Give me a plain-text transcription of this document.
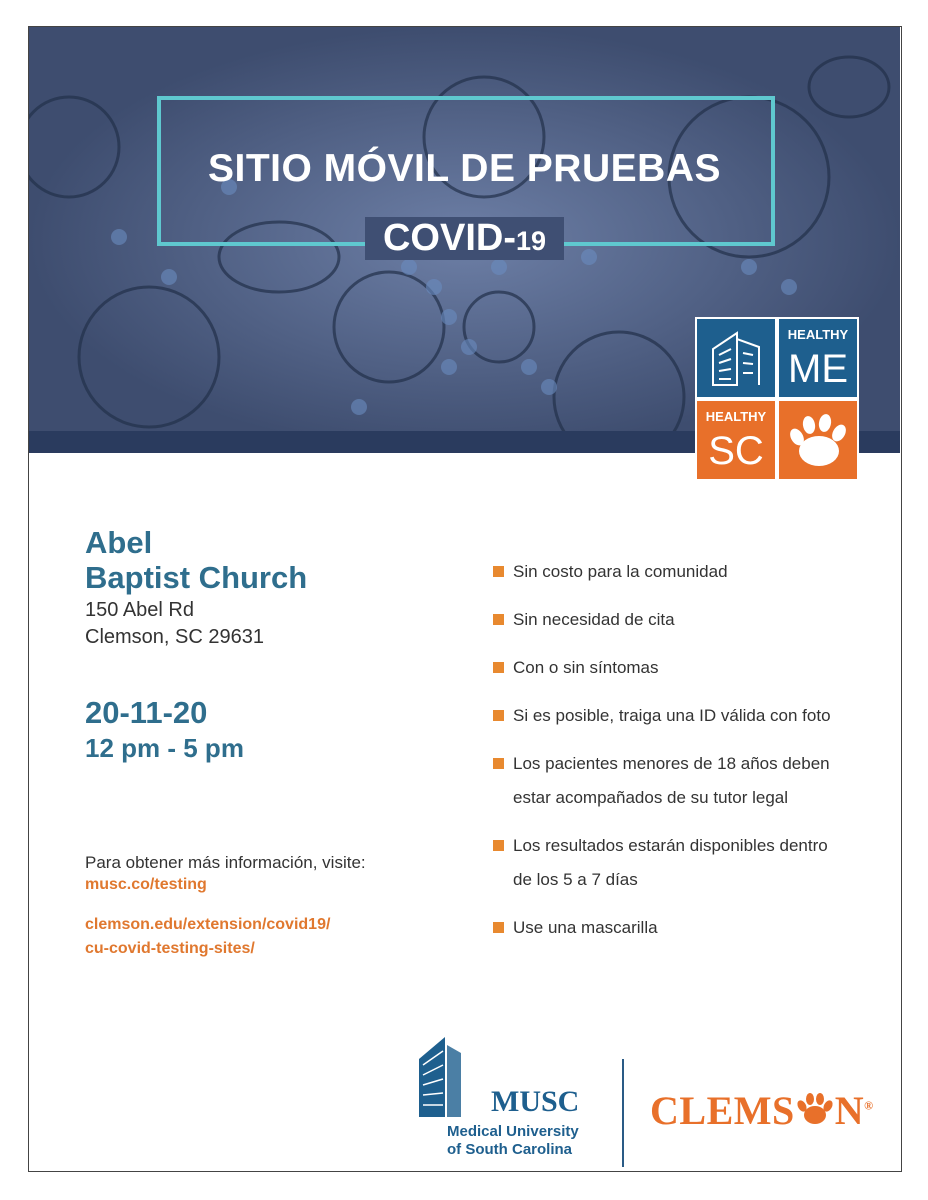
SITIO MÓVIL DE PRUEBAS
COVID-19
HEALTHY
ME
HEALTHY
SC
Abel
Baptist Church
150 Abel Rd
Clemson, SC 29631
20-11-20
12 pm - 5 pm
Para obtener más información, visite:
musc.co/testing
clemson.edu/extension/covid19/
cu-covid-testing-sites/
Sin costo para la comunidad
Sin necesidad de cita
Con o sin síntomas
Si es posible, traiga una ID válida con foto
Los pacientes menores de 18 años deben
estar acompañados de su tutor legal
Los resultados estarán disponibles dentro
de los 5 a 7 días
Use una mascarilla
MUSC
Medical University
of South Carolina
CLEMS N®
